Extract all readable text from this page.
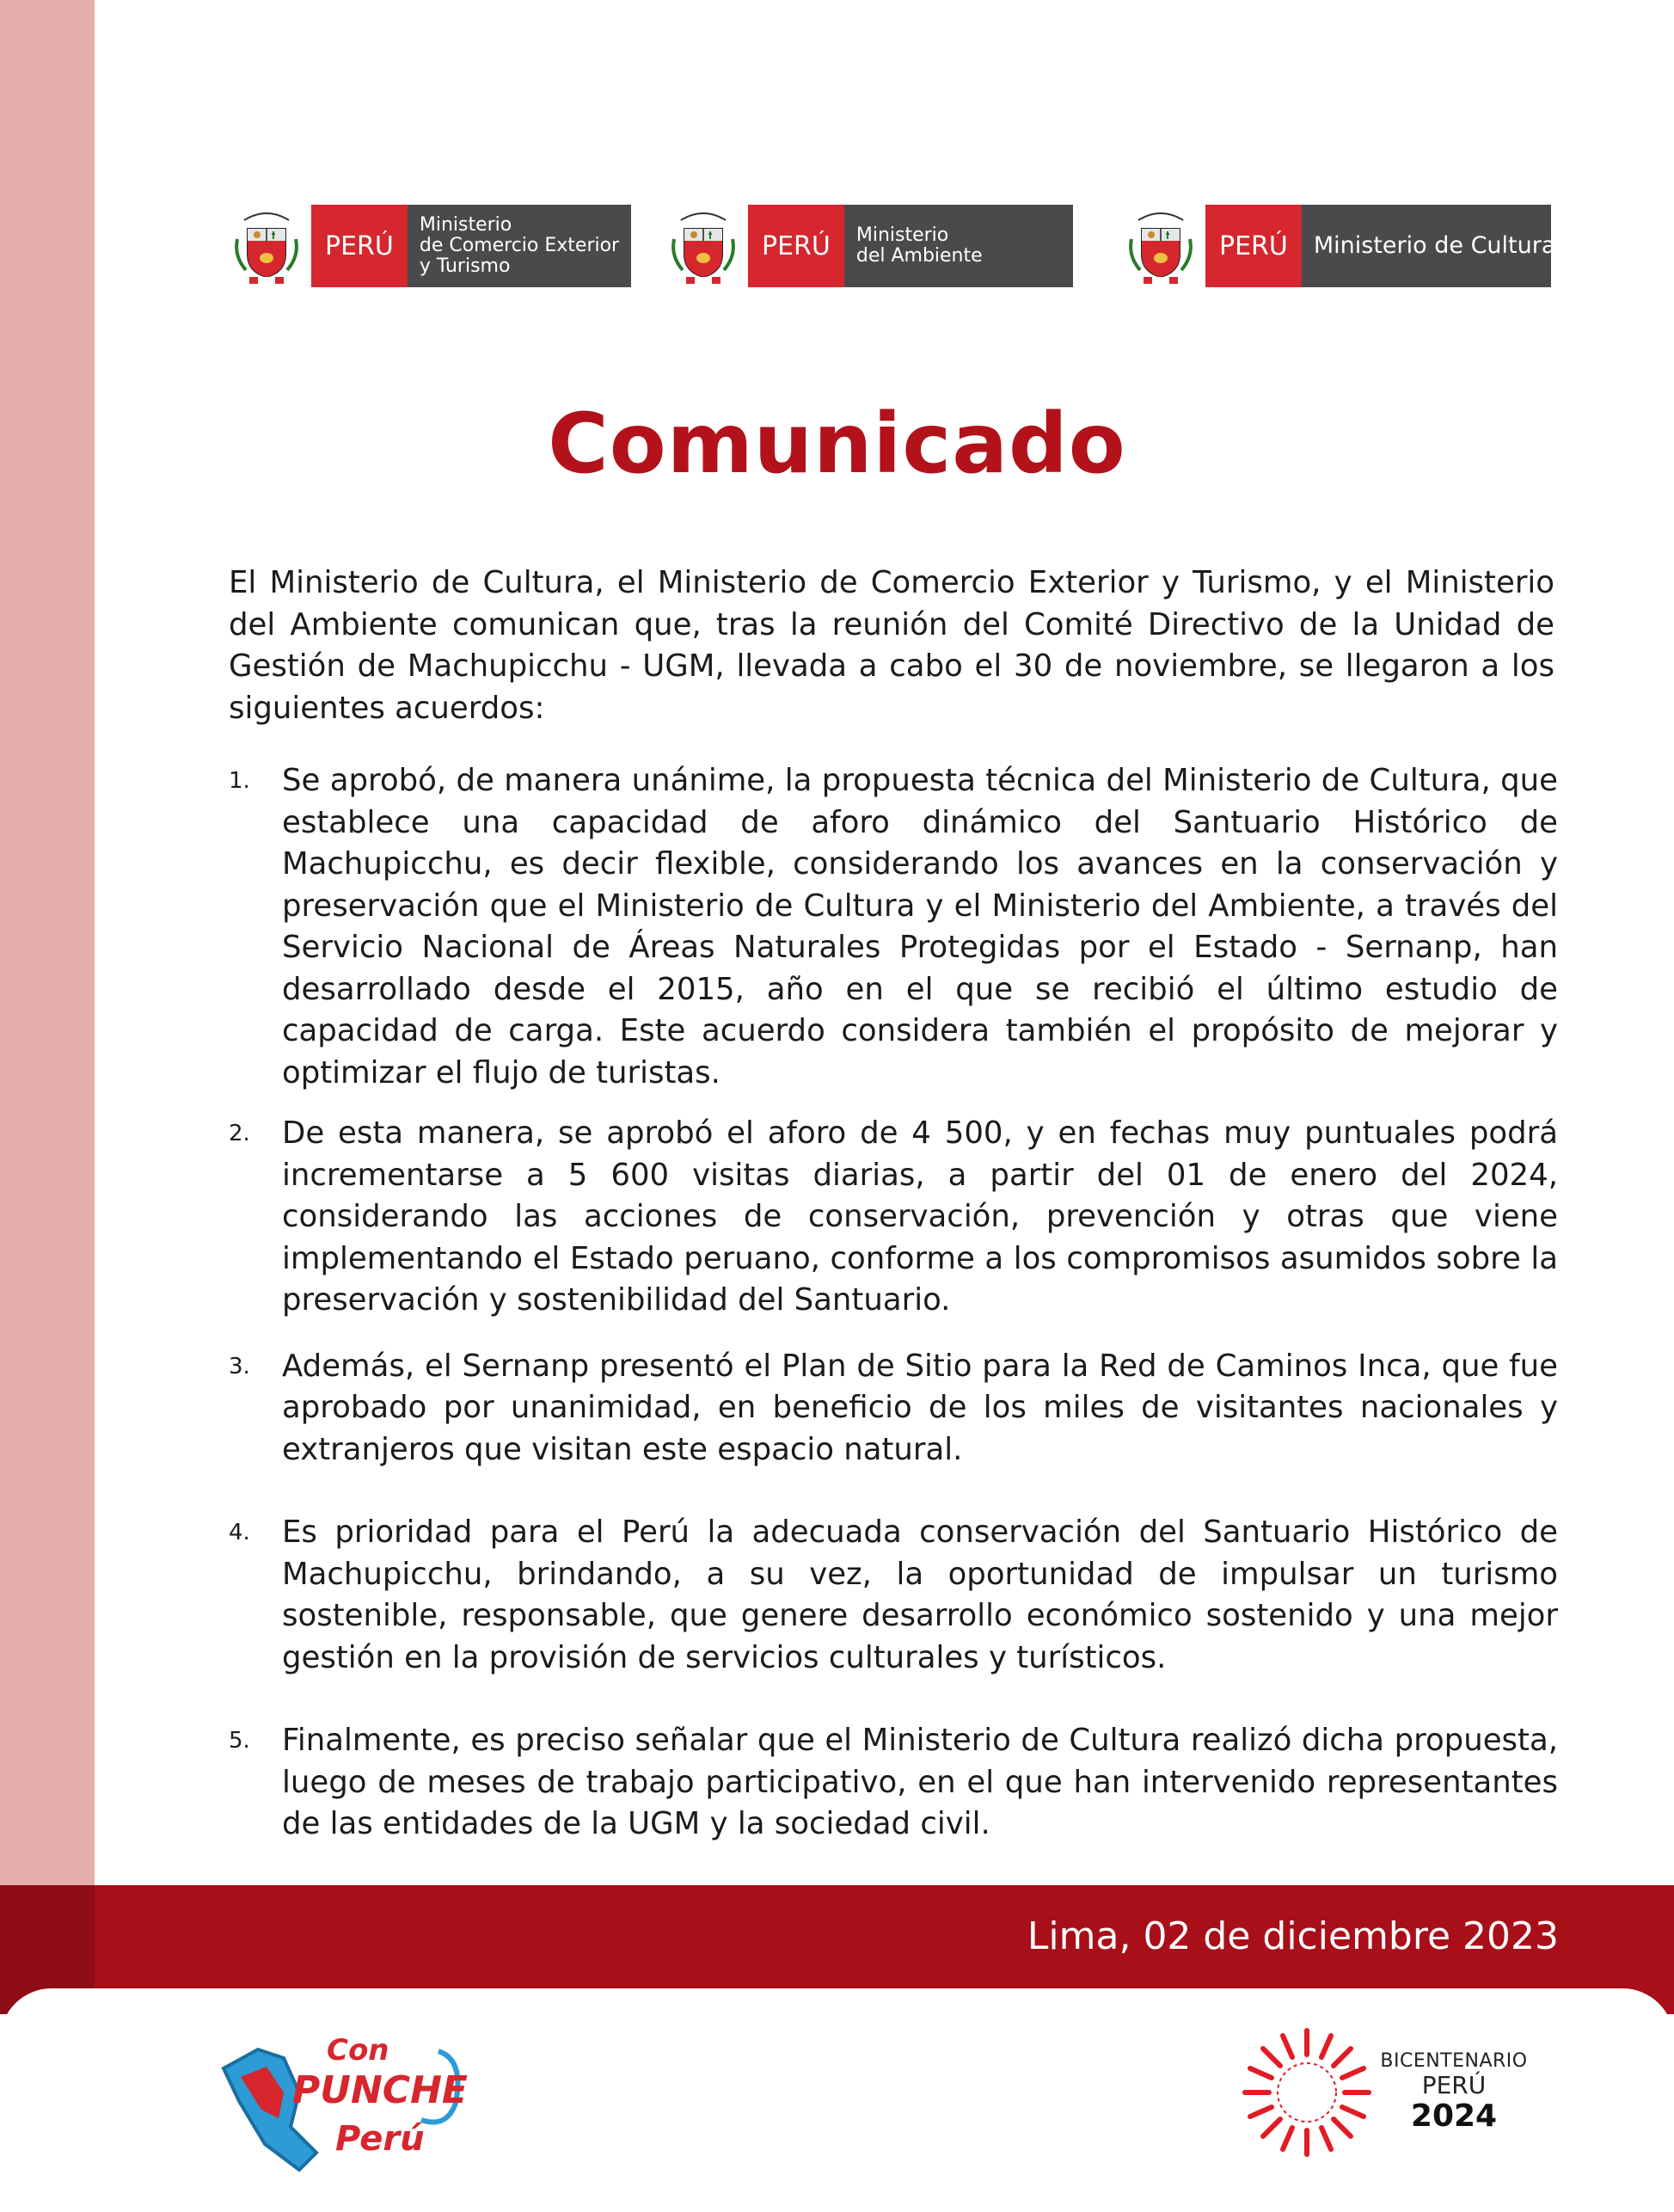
PERÚ
Ministerio
de Comercio Exterior
y Turismo
PERÚ	Ministerio
del Ambiente	PERÚ	Ministerio de Cultura
Comunicado

El Ministerio de Cultura, el Ministerio de Comercio Exterior y Turismo, y el Ministerio del Ambiente comunican que, tras la reunión del Comité Directivo de la Unidad de Gestión de Machupicchu - UGM, llevada a cabo el 30 de noviembre, se llegaron a los siguientes acuerdos:

1. Se aprobó, de manera unánime, la propuesta técnica del Ministerio de Cultura, que establece una capacidad de aforo dinámico del Santuario Histórico de Machupicchu, es decir flexible, considerando los avances en la conservación y preservación que el Ministerio de Cultura y el Ministerio del Ambiente, a través del Servicio Nacional de Áreas Naturales Protegidas por el Estado - Sernanp, han desarrollado desde el 2015, año en el que se recibió el último estudio de capacidad de carga. Este acuerdo considera también el propósito de mejorar y optimizar el flujo de turistas.
2. De esta manera, se aprobó el aforo de 4 500, y en fechas muy puntuales podrá incrementarse a 5 600 visitas diarias, a partir del 01 de enero del 2024, considerando las acciones de conservación, prevención y otras que viene implementando el Estado peruano, conforme a los compromisos asumidos sobre la preservación y sostenibilidad del Santuario.
3. Además, el Sernanp presentó el Plan de Sitio para la Red de Caminos Inca, que fue aprobado por unanimidad, en beneficio de los miles de visitantes nacionales y extranjeros que visitan este espacio natural.
4. Es prioridad para el Perú la adecuada conservación del Santuario Histórico de Machupicchu, brindando, a su vez, la oportunidad de impulsar un turismo sostenible, responsable, que genere desarrollo económico sostenido y una mejor gestión en la provisión de servicios culturales y turísticos.
5. Finalmente, es preciso señalar que el Ministerio de Cultura realizó dicha propuesta, luego de meses de trabajo participativo, en el que han intervenido representantes de las entidades de la UGM y la sociedad civil.
Lima, 02 de diciembre 2023
Con
PUNCHE
Perú
BICENTENARIO
PERÚ
2024
